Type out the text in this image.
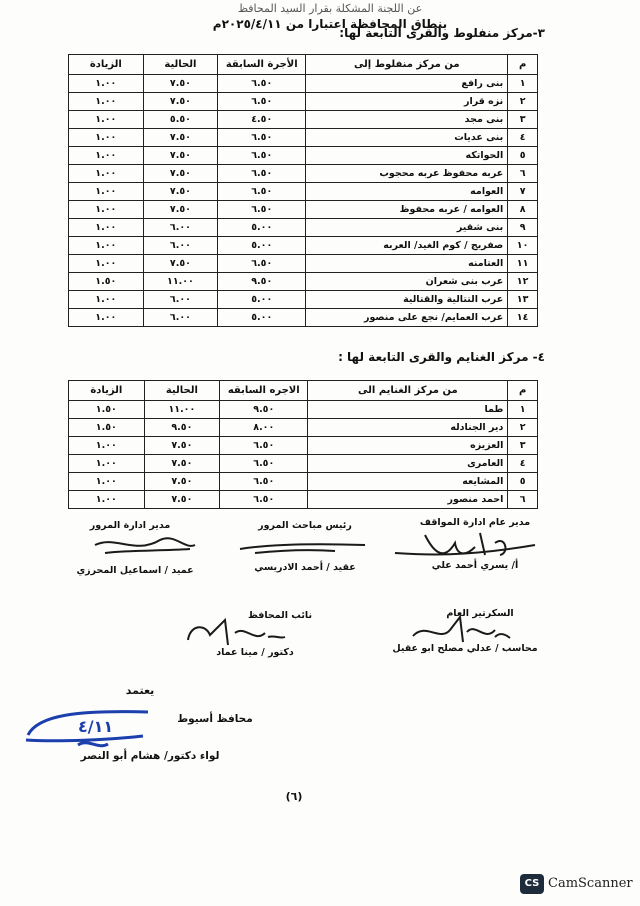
عن اللجنة المشكلة بقرار السيد المحافظ
بنطاق المحافظة اعتبارا من ٢٠٢٥/٤/١١م
٣-مركز منفلوط والقرى التابعة لها:
م	من مركز منفلوط إلى	الأجرة السابقة	الحالية	الزيادة
١	بنى رافع	٦.٥٠	٧.٥٠	١.٠٠
٢	نزه قرار	٦.٥٠	٧.٥٠	١.٠٠
٣	بنى مجد	٤.٥٠	٥.٥٠	١.٠٠
٤	بنى عديات	٦.٥٠	٧.٥٠	١.٠٠
٥	الحواتكه	٦.٥٠	٧.٥٠	١.٠٠
٦	عربه محفوظ عربه محجوب	٦.٥٠	٧.٥٠	١.٠٠
٧	العوامه	٦.٥٠	٧.٥٠	١.٠٠
٨	العوامه / عربه محفوظ	٦.٥٠	٧.٥٠	١.٠٠
٩	بنى شقير	٥.٠٠	٦.٠٠	١.٠٠
١٠	صفريج / كوم الغيد/ العربه	٥.٠٠	٦.٠٠	١.٠٠
١١	العتامنه	٦.٥٠	٧.٥٠	١.٠٠
١٢	عرب بنى شعران	٩.٥٠	١١.٠٠	١.٥٠
١٣	عرب التتالية والقتالية	٥.٠٠	٦.٠٠	١.٠٠
١٤	عرب العمايم/ نجع على منصور	٥.٠٠	٦.٠٠	١.٠٠
٤- مركز الغنايم والقرى التابعة لها :
م	من مركز الغنايم الى	الاجره السابقه	الحالية	الزيادة
١	طما	٩.٥٠	١١.٠٠	١.٥٠
٢	دير الجنادله	٨.٠٠	٩.٥٠	١.٥٠
٣	العزيزه	٦.٥٠	٧.٥٠	١.٠٠
٤	العامرى	٦.٥٠	٧.٥٠	١.٠٠
٥	المشايعه	٦.٥٠	٧.٥٠	١.٠٠
٦	احمد منصور	٦.٥٠	٧.٥٠	١.٠٠
مدير عام ادارة المواقف
أ/ يسري أحمد علي
رئيس مباحث المرور
عقيد / أحمد الادريسي
مدير ادارة المرور
عميد / اسماعيل المحرزي
السكرتير العام
محاسب / عدلي مصلح ابو عقيل
نائب المحافظ
دكتور / مينا عماد
يعتمد
محافظ أسيوط
لواء دكتور/ هشام أبو النصر
٤/١١
(٦)
CS CamScanner
